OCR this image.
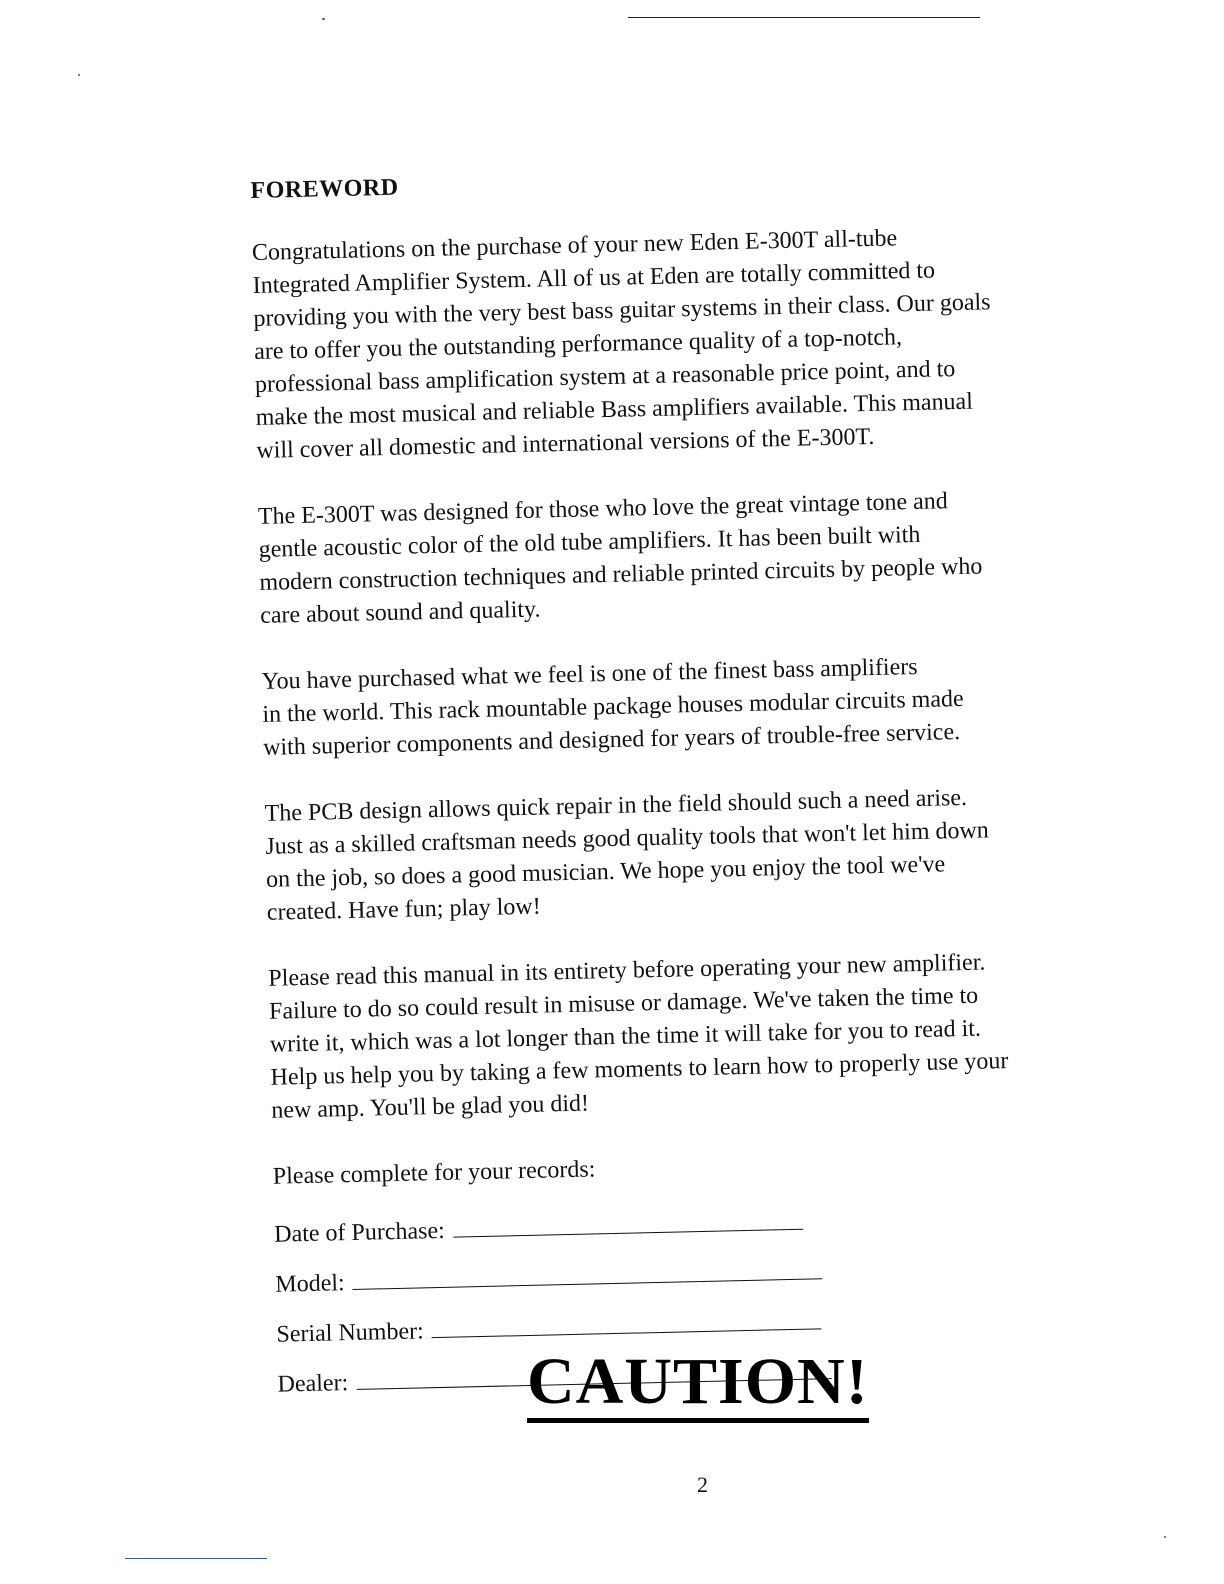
FOREWORD
Congratulations on the purchase of your new Eden E-300T all-tube
Integrated Amplifier System. All of us at Eden are totally committed to
providing you with the very best bass guitar systems in their class. Our goals
are to offer you the outstanding performance quality of a top-notch,
professional bass amplification system at a reasonable price point, and to
make the most musical and reliable Bass amplifiers available. This manual
will cover all domestic and international versions of the E-300T.
The E-300T was designed for those who love the great vintage tone and
gentle acoustic color of the old tube amplifiers. It has been built with
modern construction techniques and reliable printed circuits by people who
care about sound and quality.
You have purchased what we feel is one of the finest bass amplifiers
in the world. This rack mountable package houses modular circuits made
with superior components and designed for years of trouble-free service.
The PCB design allows quick repair in the field should such a need arise.
Just as a skilled craftsman needs good quality tools that won't let him down
on the job, so does a good musician. We hope you enjoy the tool we've
created. Have fun; play low!
Please read this manual in its entirety before operating your new amplifier.
Failure to do so could result in misuse or damage. We've taken the time to
write it, which was a lot longer than the time it will take for you to read it.
Help us help you by taking a few moments to learn how to properly use your
new amp. You'll be glad you did!
Please complete for your records:
Date of Purchase:
Model:
Serial Number:
Dealer:	CAUTION!
2
